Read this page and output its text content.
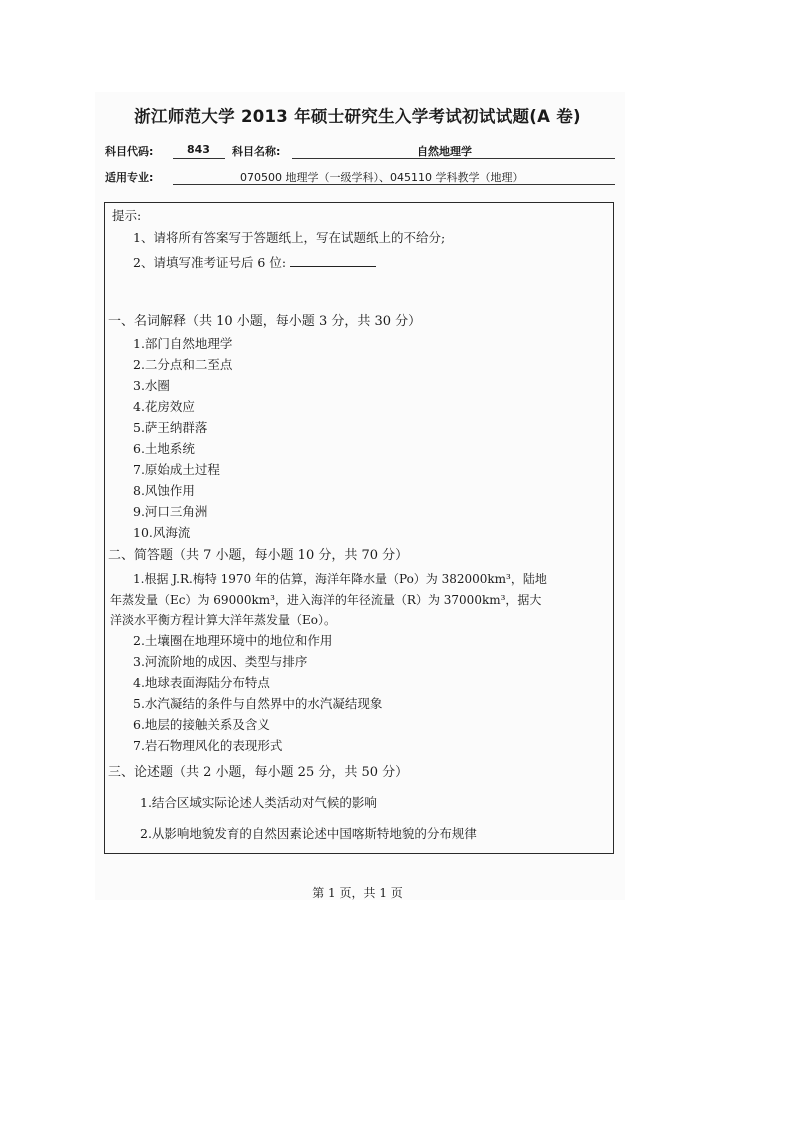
浙江师范大学 2013 年硕士研究生入学考试初试试题(A 卷)
科目代码:	843 科目名称:	自然地理学
适用专业:	070500 地理学（一级学科）、045110 学科教学（地理）
提示:
1、请将所有答案写于答题纸上，写在试题纸上的不给分;
2、请填写准考证号后 6 位:
一、名词解释（共 10 小题，每小题 3 分，共 30 分）
1.部门自然地理学
2.二分点和二至点
3.水圈
4.花房效应
5.萨王纳群落
6.土地系统
7.原始成土过程
8.风蚀作用
9.河口三角洲
10.风海流
二、简答题（共 7 小题，每小题 10 分，共 70 分）
1.根据 J.R.梅特 1970 年的估算，海洋年降水量（Po）为 382000km³，陆地
年蒸发量（Ec）为 69000km³，进入海洋的年径流量（R）为 37000km³，据大
洋淡水平衡方程计算大洋年蒸发量（Eo）。
2.土壤圈在地理环境中的地位和作用
3.河流阶地的成因、类型与排序
4.地球表面海陆分布特点
5.水汽凝结的条件与自然界中的水汽凝结现象
6.地层的接触关系及含义
7.岩石物理风化的表现形式
三、论述题（共 2 小题，每小题 25 分，共 50 分）
1.结合区域实际论述人类活动对气候的影响
2.从影响地貌发育的自然因素论述中国喀斯特地貌的分布规律
第 1 页，共 1 页
